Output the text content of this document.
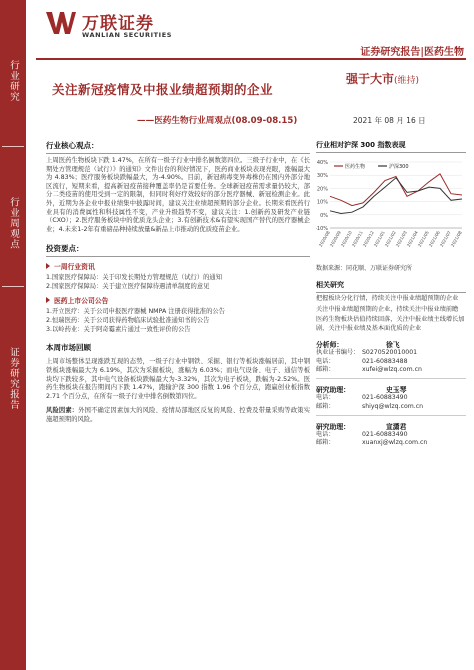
行业研究
行业周观点
证券研究报告
万联证券
WANLIAN SECURITIES
证券研究报告|医药生物
关注新冠疫情及中报业绩超预期的企业
——医药生物行业周观点(08.09-08.15)
强于大市(维持)
2021 年 08 月 16 日
行业核心观点：
上周医药生物板块下跌 1.47%，在所有一级子行业中排名倒数第四位。三级子行业中，在《长期处方管理规范（试行）》的通知》文件出台的利好情况下，医药商业板块表现亮眼，涨幅最大为 4.83%；医疗服务板块跌幅最大，为-4.90%。目前，新冠病毒变异毒株仍在国内外部分地区流行，短期来看，提高新冠疫苗接种覆盖率仍是首要任务。全球新冠疫苗需求量仍较大，部分二类疫苗的使用受到一定的限制，但同时利好疗效较好的部分医疗器械、新冠检测企业。此外，近期为各企业中报业绩集中披露时间，建议关注业绩超预期的部分企业。长期来看医药行业具有的消费属性和科技属性不变，产业升级趋势不变，建议关注：1.创新药及研发产业链（CXO）；2.医疗服务板块中的优质龙头企业；3.有创新技术&有望实现国产替代的医疗器械企业；4.未来1-2年有重磅品种持续放量&新品上市推动的优质疫苗企业。
投资要点：
一周行业资讯
1.国家医疗保障局：关于印发长期处方管理规范（试行）的通知
2.国家医疗保障局：关于建立医疗保障待遇清单制度的意见
医药上市公司公告
1.开立医疗：关于公司申报医疗器械 NMPA 注册获得批准的公告
2.恒瑞医药：关于公司获得药物临床试验批准通知书的公告
3.以岭药业：关于阿奇霉素片通过一致性评价的公告
本周市场回顾
上周市场整体呈现涨跌互现的态势，一级子行业中钢铁、采掘、银行等板块涨幅居前，其中钢铁板块涨幅最大为 6.19%，其次为采掘板块，涨幅为 6.03%；而电气设备、电子、通信等板块均下跌较多，其中电气设备板块跌幅最大为-3.32%，其次为电子板块，跌幅为-2.52%。医药生物板块在报告期间内下跌 1.47%，跑输沪深 300 指数 1.96 个百分点，跑赢创业板指数 2.71 个百分点，在所有一级子行业中排名倒数第四位。
风险因素：外国不确定因素加大的风险、疫情局部地区反复的风险、控费及带量采购等政策实施超预期的风险。
行业相对沪深 300 指数表现
-10%
0%
10%
20%
30%
40%
2020/08
2020/09
2020/10
2020/11
2020/12
2021/01
2021/02
2021/03
2021/04
2021/05
2021/06
2021/07
2021/08
医药生物	沪深300
数据来源：同花顺、万联证券研究所
相关研究
把握板块分化行情，持续关注中报业绩超预期的企业
关注中报业绩超预期的企业，持续关注中报业绩前瞻
医药生物板块估值持续回落，关注中报业绩主线增长加剧，关注中报业绩及基本面优质的企业
分析师：	徐飞
执业证书编号： S0270520010001
电话：	021-60883488
邮箱：	xufei@wlzq.com.cn
研究助理：	史玉琴
电话：	021-60883490
邮箱：	shiyq@wlzq.com.cn
研究助理：	宣潇君
电话：	021-60883490
邮箱：	xuanxj@wlzq.com.cn
